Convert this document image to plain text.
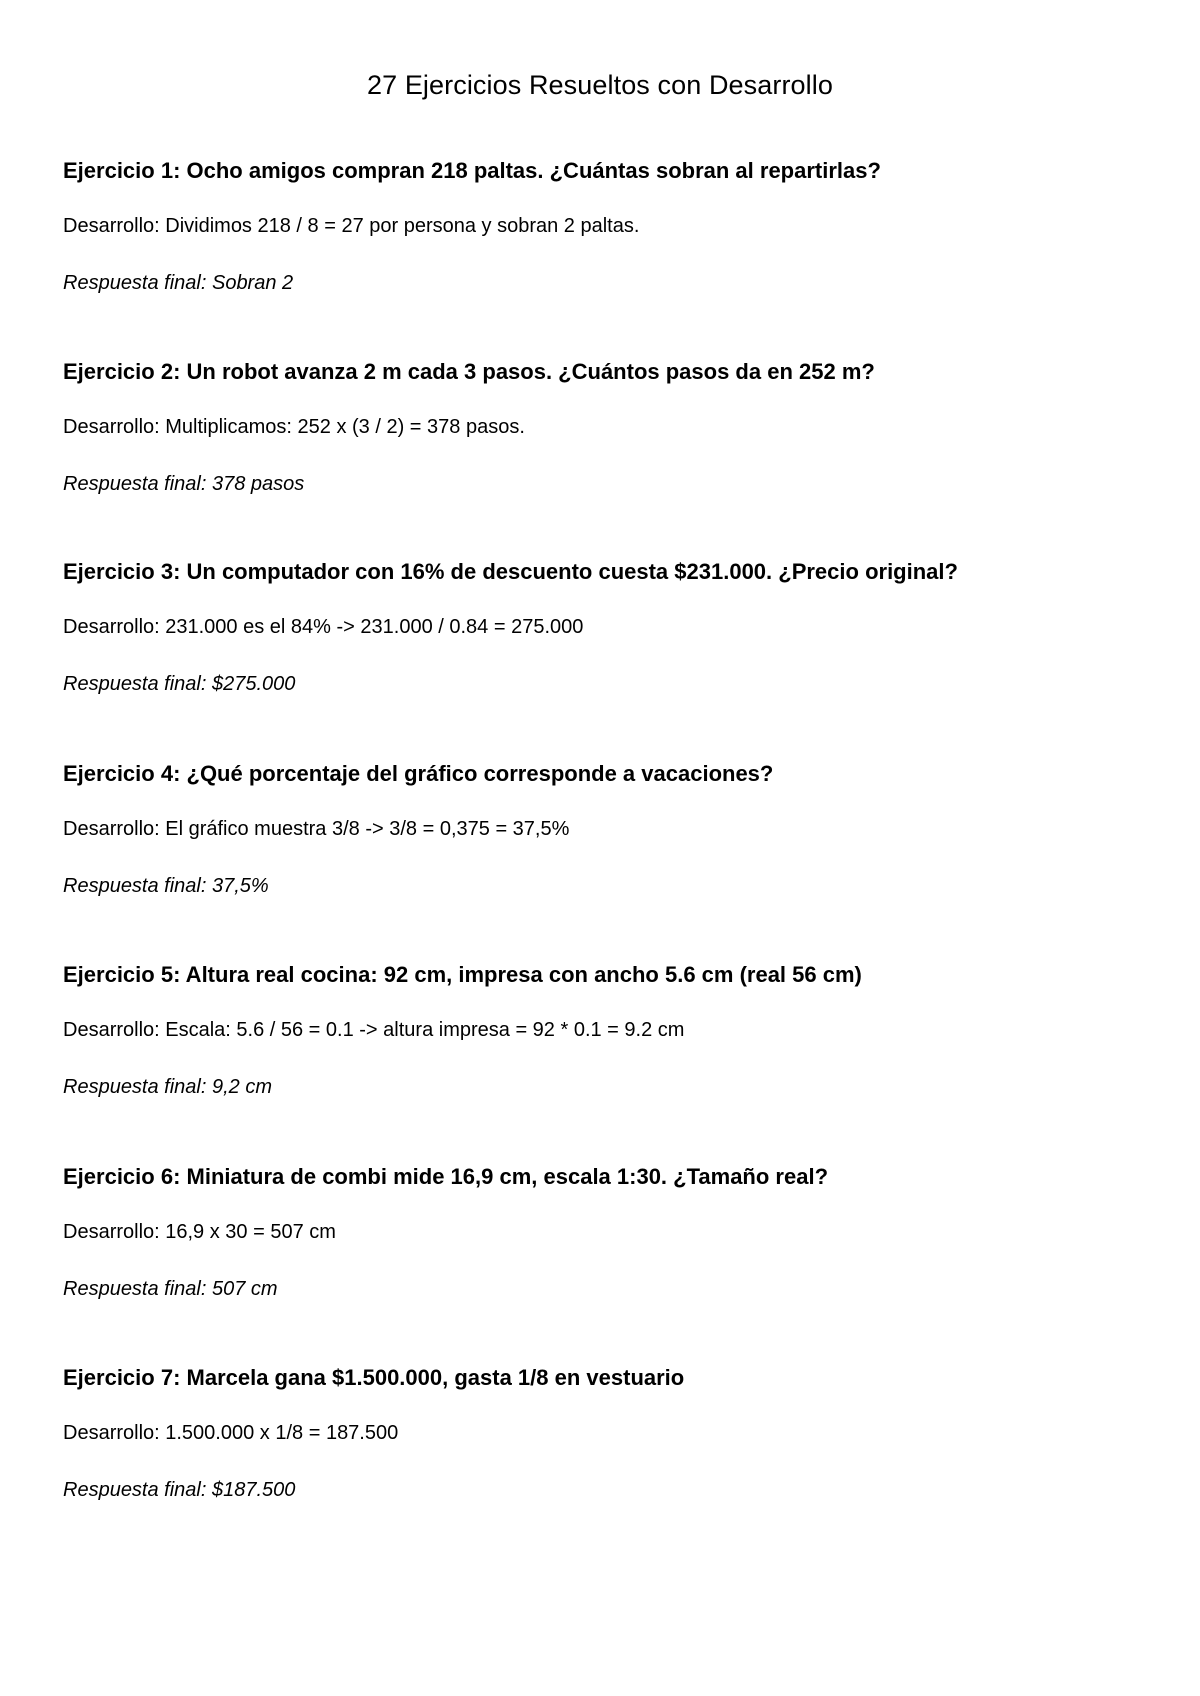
27 Ejercicios Resueltos con Desarrollo

Ejercicio 1: Ocho amigos compran 218 paltas. ¿Cuántas sobran al repartirlas?

Desarrollo: Dividimos 218 / 8 = 27 por persona y sobran 2 paltas.

Respuesta final: Sobran 2

Ejercicio 2: Un robot avanza 2 m cada 3 pasos. ¿Cuántos pasos da en 252 m?

Desarrollo: Multiplicamos: 252 x (3 / 2) = 378 pasos.

Respuesta final: 378 pasos

Ejercicio 3: Un computador con 16% de descuento cuesta $231.000. ¿Precio original?

Desarrollo: 231.000 es el 84% -> 231.000 / 0.84 = 275.000

Respuesta final: $275.000

Ejercicio 4: ¿Qué porcentaje del gráfico corresponde a vacaciones?

Desarrollo: El gráfico muestra 3/8 -> 3/8 = 0,375 = 37,5%

Respuesta final: 37,5%

Ejercicio 5: Altura real cocina: 92 cm, impresa con ancho 5.6 cm (real 56 cm)

Desarrollo: Escala: 5.6 / 56 = 0.1 -> altura impresa = 92 * 0.1 = 9.2 cm

Respuesta final: 9,2 cm

Ejercicio 6: Miniatura de combi mide 16,9 cm, escala 1:30. ¿Tamaño real?

Desarrollo: 16,9 x 30 = 507 cm

Respuesta final: 507 cm

Ejercicio 7: Marcela gana $1.500.000, gasta 1/8 en vestuario

Desarrollo: 1.500.000 x 1/8 = 187.500

Respuesta final: $187.500
